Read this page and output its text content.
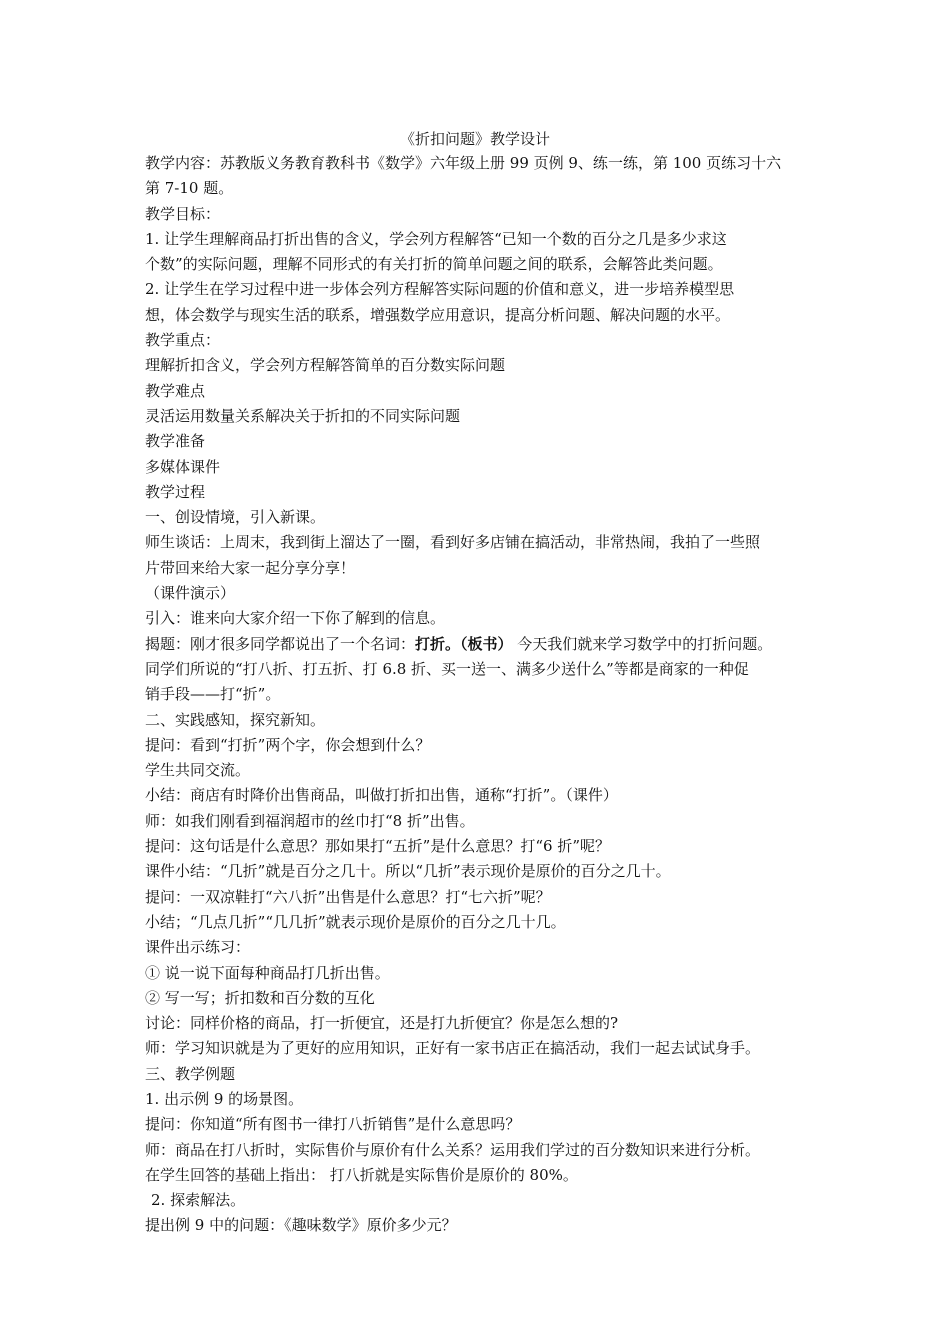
《折扣问题》教学设计
教学内容：苏教版义务教育教科书《数学》六年级上册 99 页例 9、练一练，第 100 页练习十六
第 7-10 题。
教学目标：
1. 让学生理解商品打折出售的含义，学会列方程解答“已知一个数的百分之几是多少求这
个数”的实际问题，理解不同形式的有关打折的简单问题之间的联系，会解答此类问题。
2. 让学生在学习过程中进一步体会列方程解答实际问题的价值和意义，进一步培养模型思
想，体会数学与现实生活的联系，增强数学应用意识，提高分析问题、解决问题的水平。
教学重点：
理解折扣含义，学会列方程解答简单的百分数实际问题
教学难点
灵活运用数量关系解决关于折扣的不同实际问题
教学准备
多媒体课件
教学过程
一、创设情境，引入新课。
师生谈话：上周末，我到街上溜达了一圈，看到好多店铺在搞活动，非常热闹，我拍了一些照
片带回来给大家一起分享分享！
（课件演示）
引入：谁来向大家介绍一下你了解到的信息。
揭题：刚才很多同学都说出了一个名词：打折。（板书） 今天我们就来学习数学中的打折问题。
同学们所说的“打八折、打五折、打 6.8 折、买一送一、满多少送什么”等都是商家的一种促
销手段——打“折”。
二、实践感知，探究新知。
提问：看到“打折”两个字，你会想到什么？
学生共同交流。
小结：商店有时降价出售商品，叫做打折扣出售，通称“打折”。（课件）
师：如我们刚看到福润超市的丝巾打“8 折”出售。
提问：这句话是什么意思？那如果打“五折”是什么意思？打“6 折”呢？
课件小结：“几折”就是百分之几十。所以“几折”表示现价是原价的百分之几十。
提问：一双凉鞋打“六八折”出售是什么意思？打“七六折”呢？
小结；“几点几折”“几几折”就表示现价是原价的百分之几十几。
课件出示练习：
① 说一说下面每种商品打几折出售。
② 写一写；折扣数和百分数的互化
讨论：同样价格的商品，打一折便宜，还是打九折便宜？你是怎么想的?
师：学习知识就是为了更好的应用知识，正好有一家书店正在搞活动，我们一起去试试身手。
三、教学例题
1. 出示例 9 的场景图。
提问：你知道“所有图书一律打八折销售”是什么意思吗？
师：商品在打八折时，实际售价与原价有什么关系？运用我们学过的百分数知识来进行分析。
在学生回答的基础上指出： 打八折就是实际售价是原价的 80%。
2. 探索解法。
提出例 9 中的问题：《趣味数学》原价多少元？
